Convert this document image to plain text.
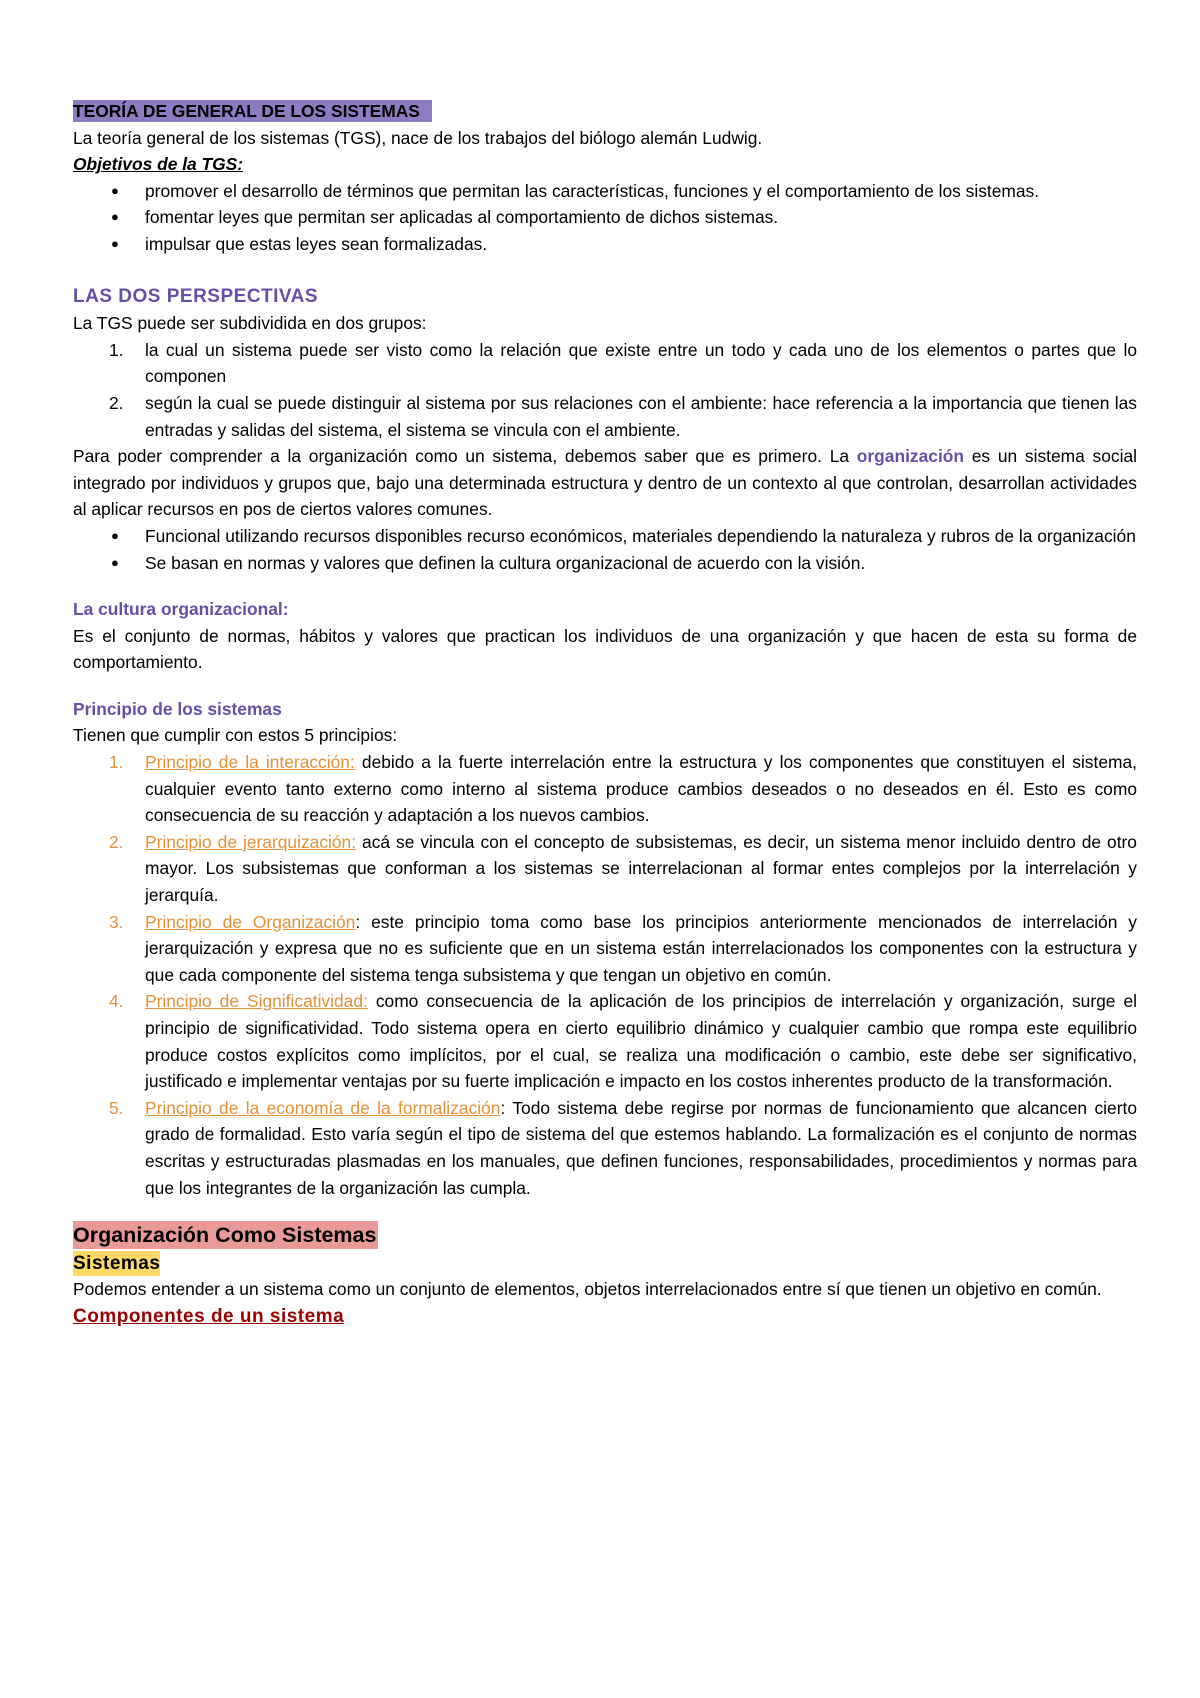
TEORÍA DE GENERAL DE LOS SISTEMAS

La teoría general de los sistemas (TGS), nace de los trabajos del biólogo alemán Ludwig.

Objetivos de la TGS:

● promover el desarrollo de términos que permitan las características, funciones y el comportamiento de los sistemas.
● fomentar leyes que permitan ser aplicadas al comportamiento de dichos sistemas.
● impulsar que estas leyes sean formalizadas.

LAS DOS PERSPECTIVAS

La TGS puede ser subdividida en dos grupos:

1. la cual un sistema puede ser visto como la relación que existe entre un todo y cada uno de los elementos o partes que lo componen
2. según la cual se puede distinguir al sistema por sus relaciones con el ambiente: hace referencia a la importancia que tienen las entradas y salidas del sistema, el sistema se vincula con el ambiente.

Para poder comprender a la organización como un sistema, debemos saber que es primero. La organización es un sistema social integrado por individuos y grupos que, bajo una determinada estructura y dentro de un contexto al que controlan, desarrollan actividades al aplicar recursos en pos de ciertos valores comunes.

● Funcional utilizando recursos disponibles recurso económicos, materiales dependiendo la naturaleza y rubros de la organización
● Se basan en normas y valores que definen la cultura organizacional de acuerdo con la visión.

La cultura organizacional:

Es el conjunto de normas, hábitos y valores que practican los individuos de una organización y que hacen de esta su forma de comportamiento.

Principio de los sistemas

Tienen que cumplir con estos 5 principios:

1. Principio de la interacción: debido a la fuerte interrelación entre la estructura y los componentes que constituyen el sistema, cualquier evento tanto externo como interno al sistema produce cambios deseados o no deseados en él. Esto es como consecuencia de su reacción y adaptación a los nuevos cambios.
2. Principio de jerarquización: acá se vincula con el concepto de subsistemas, es decir, un sistema menor incluido dentro de otro mayor. Los subsistemas que conforman a los sistemas se interrelacionan al formar entes complejos por la interrelación y jerarquía.
3. Principio de Organización: este principio toma como base los principios anteriormente mencionados de interrelación y jerarquización y expresa que no es suficiente que en un sistema están interrelacionados los componentes con la estructura y que cada componente del sistema tenga subsistema y que tengan un objetivo en común.
4. Principio de Significatividad: como consecuencia de la aplicación de los principios de interrelación y organización, surge el principio de significatividad. Todo sistema opera en cierto equilibrio dinámico y cualquier cambio que rompa este equilibrio produce costos explícitos como implícitos, por el cual, se realiza una modificación o cambio, este debe ser significativo, justificado e implementar ventajas por su fuerte implicación e impacto en los costos inherentes producto de la transformación.
5. Principio de la economía de la formalización: Todo sistema debe regirse por normas de funcionamiento que alcancen cierto grado de formalidad. Esto varía según el tipo de sistema del que estemos hablando. La formalización es el conjunto de normas escritas y estructuradas plasmadas en los manuales, que definen funciones, responsabilidades, procedimientos y normas para que los integrantes de la organización las cumpla.
Organización Como Sistemas
Sistemas

Podemos entender a un sistema como un conjunto de elementos, objetos interrelacionados entre sí que tienen un objetivo en común.

Componentes de un sistema
